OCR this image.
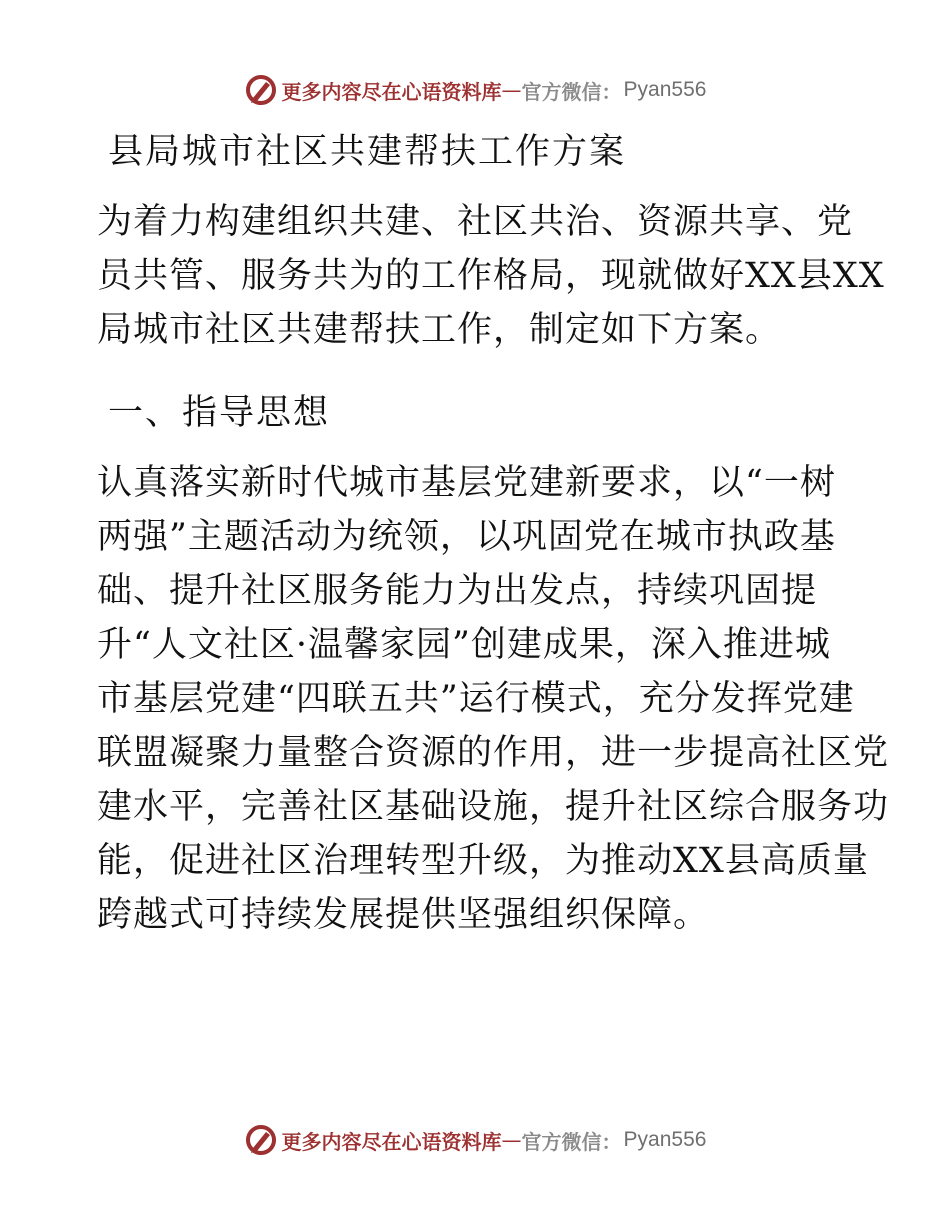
更多内容尽在心语资料库 — 官方微信： Pyan556
县局城市社区共建帮扶工作方案

为着力构建组织共建、社区共治、资源共享、党
员共管、服务共为的工作格局，现就做好XX县XX
局城市社区共建帮扶工作，制定如下方案。

一、指导思想

认真落实新时代城市基层党建新要求，以“一树
两强”主题活动为统领，以巩固党在城市执政基
础、提升社区服务能力为出发点，持续巩固提
升“人文社区·温馨家园”创建成果，深入推进城
市基层党建“四联五共”运行模式，充分发挥党建
联盟凝聚力量整合资源的作用，进一步提高社区党
建水平，完善社区基础设施，提升社区综合服务功
能，促进社区治理转型升级，为推动XX县高质量
跨越式可持续发展提供坚强组织保障。

更多内容尽在心语资料库 — 官方微信： Pyan556
